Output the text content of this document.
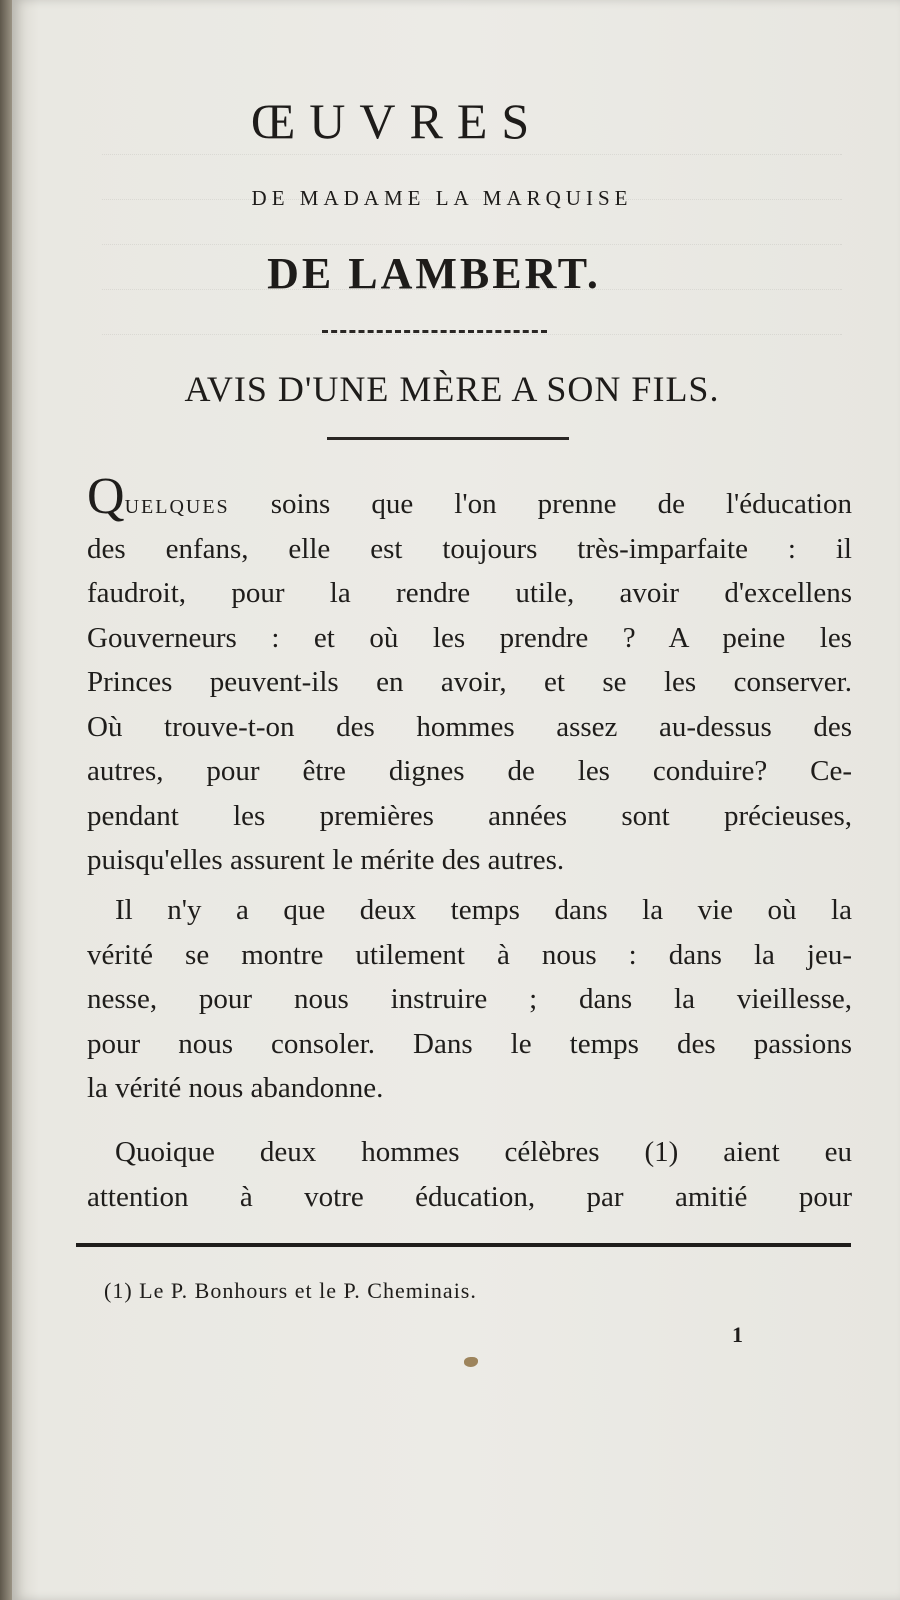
ŒUVRES
DE MADAME LA MARQUISE
DE LAMBERT.
AVIS D'UNE MÈRE A SON FILS.
QUELQUES soins que l'on prenne de l'éducation
des enfans, elle est toujours très-imparfaite : il
faudroit, pour la rendre utile, avoir d'excellens
Gouverneurs : et où les prendre ? A peine les
Princes peuvent-ils en avoir, et se les conserver.
Où trouve-t-on des hommes assez au-dessus des
autres, pour être dignes de les conduire? Ce-
pendant les premières années sont précieuses,
puisqu'elles assurent le mérite des autres.
Il n'y a que deux temps dans la vie où la
vérité se montre utilement à nous : dans la jeu-
nesse, pour nous instruire ; dans la vieillesse,
pour nous consoler. Dans le temps des passions
la vérité nous abandonne.
Quoique deux hommes célèbres (1) aient eu
attention à votre éducation, par amitié pour
(1) Le P. Bonhours et le P. Cheminais.
1
